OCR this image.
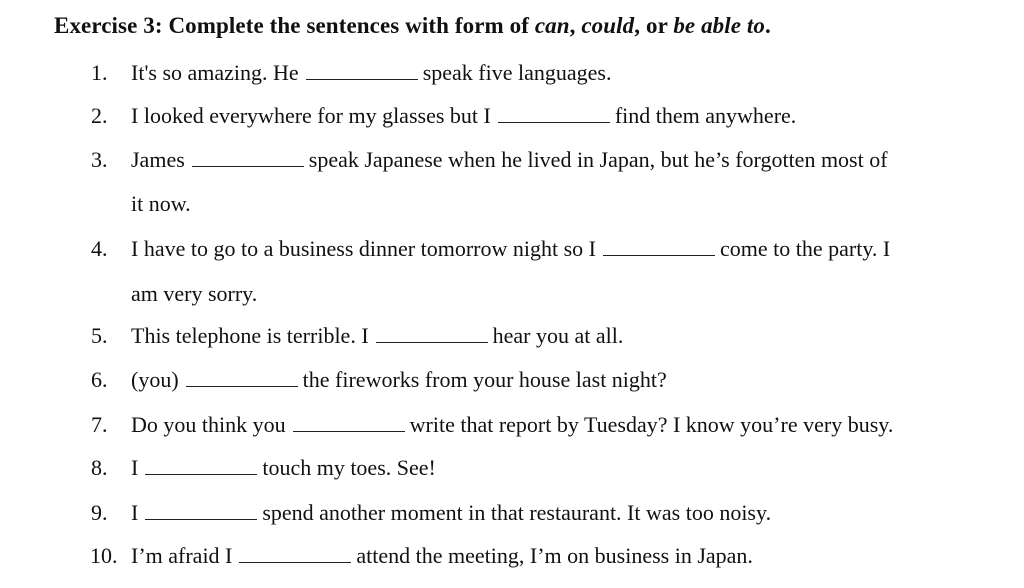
Exercise 3: Complete the sentences with form of can, could, or be able to.
1. It's so amazing. He	speak five languages.
2. I looked everywhere for my glasses but I	find them anywhere.
3. James	speak Japanese when he lived in Japan, but he’s forgotten most of
it now.
4. I have to go to a business dinner tomorrow night so I	come to the party. I
am very sorry.
5. This telephone is terrible. I	hear you at all.
6. (you)	the fireworks from your house last night?
7. Do you think you	write that report by Tuesday? I know you’re very busy.
8. I	touch my toes. See!
9. I	spend another moment in that restaurant. It was too noisy.
10. I’m afraid I	attend the meeting, I’m on business in Japan.
